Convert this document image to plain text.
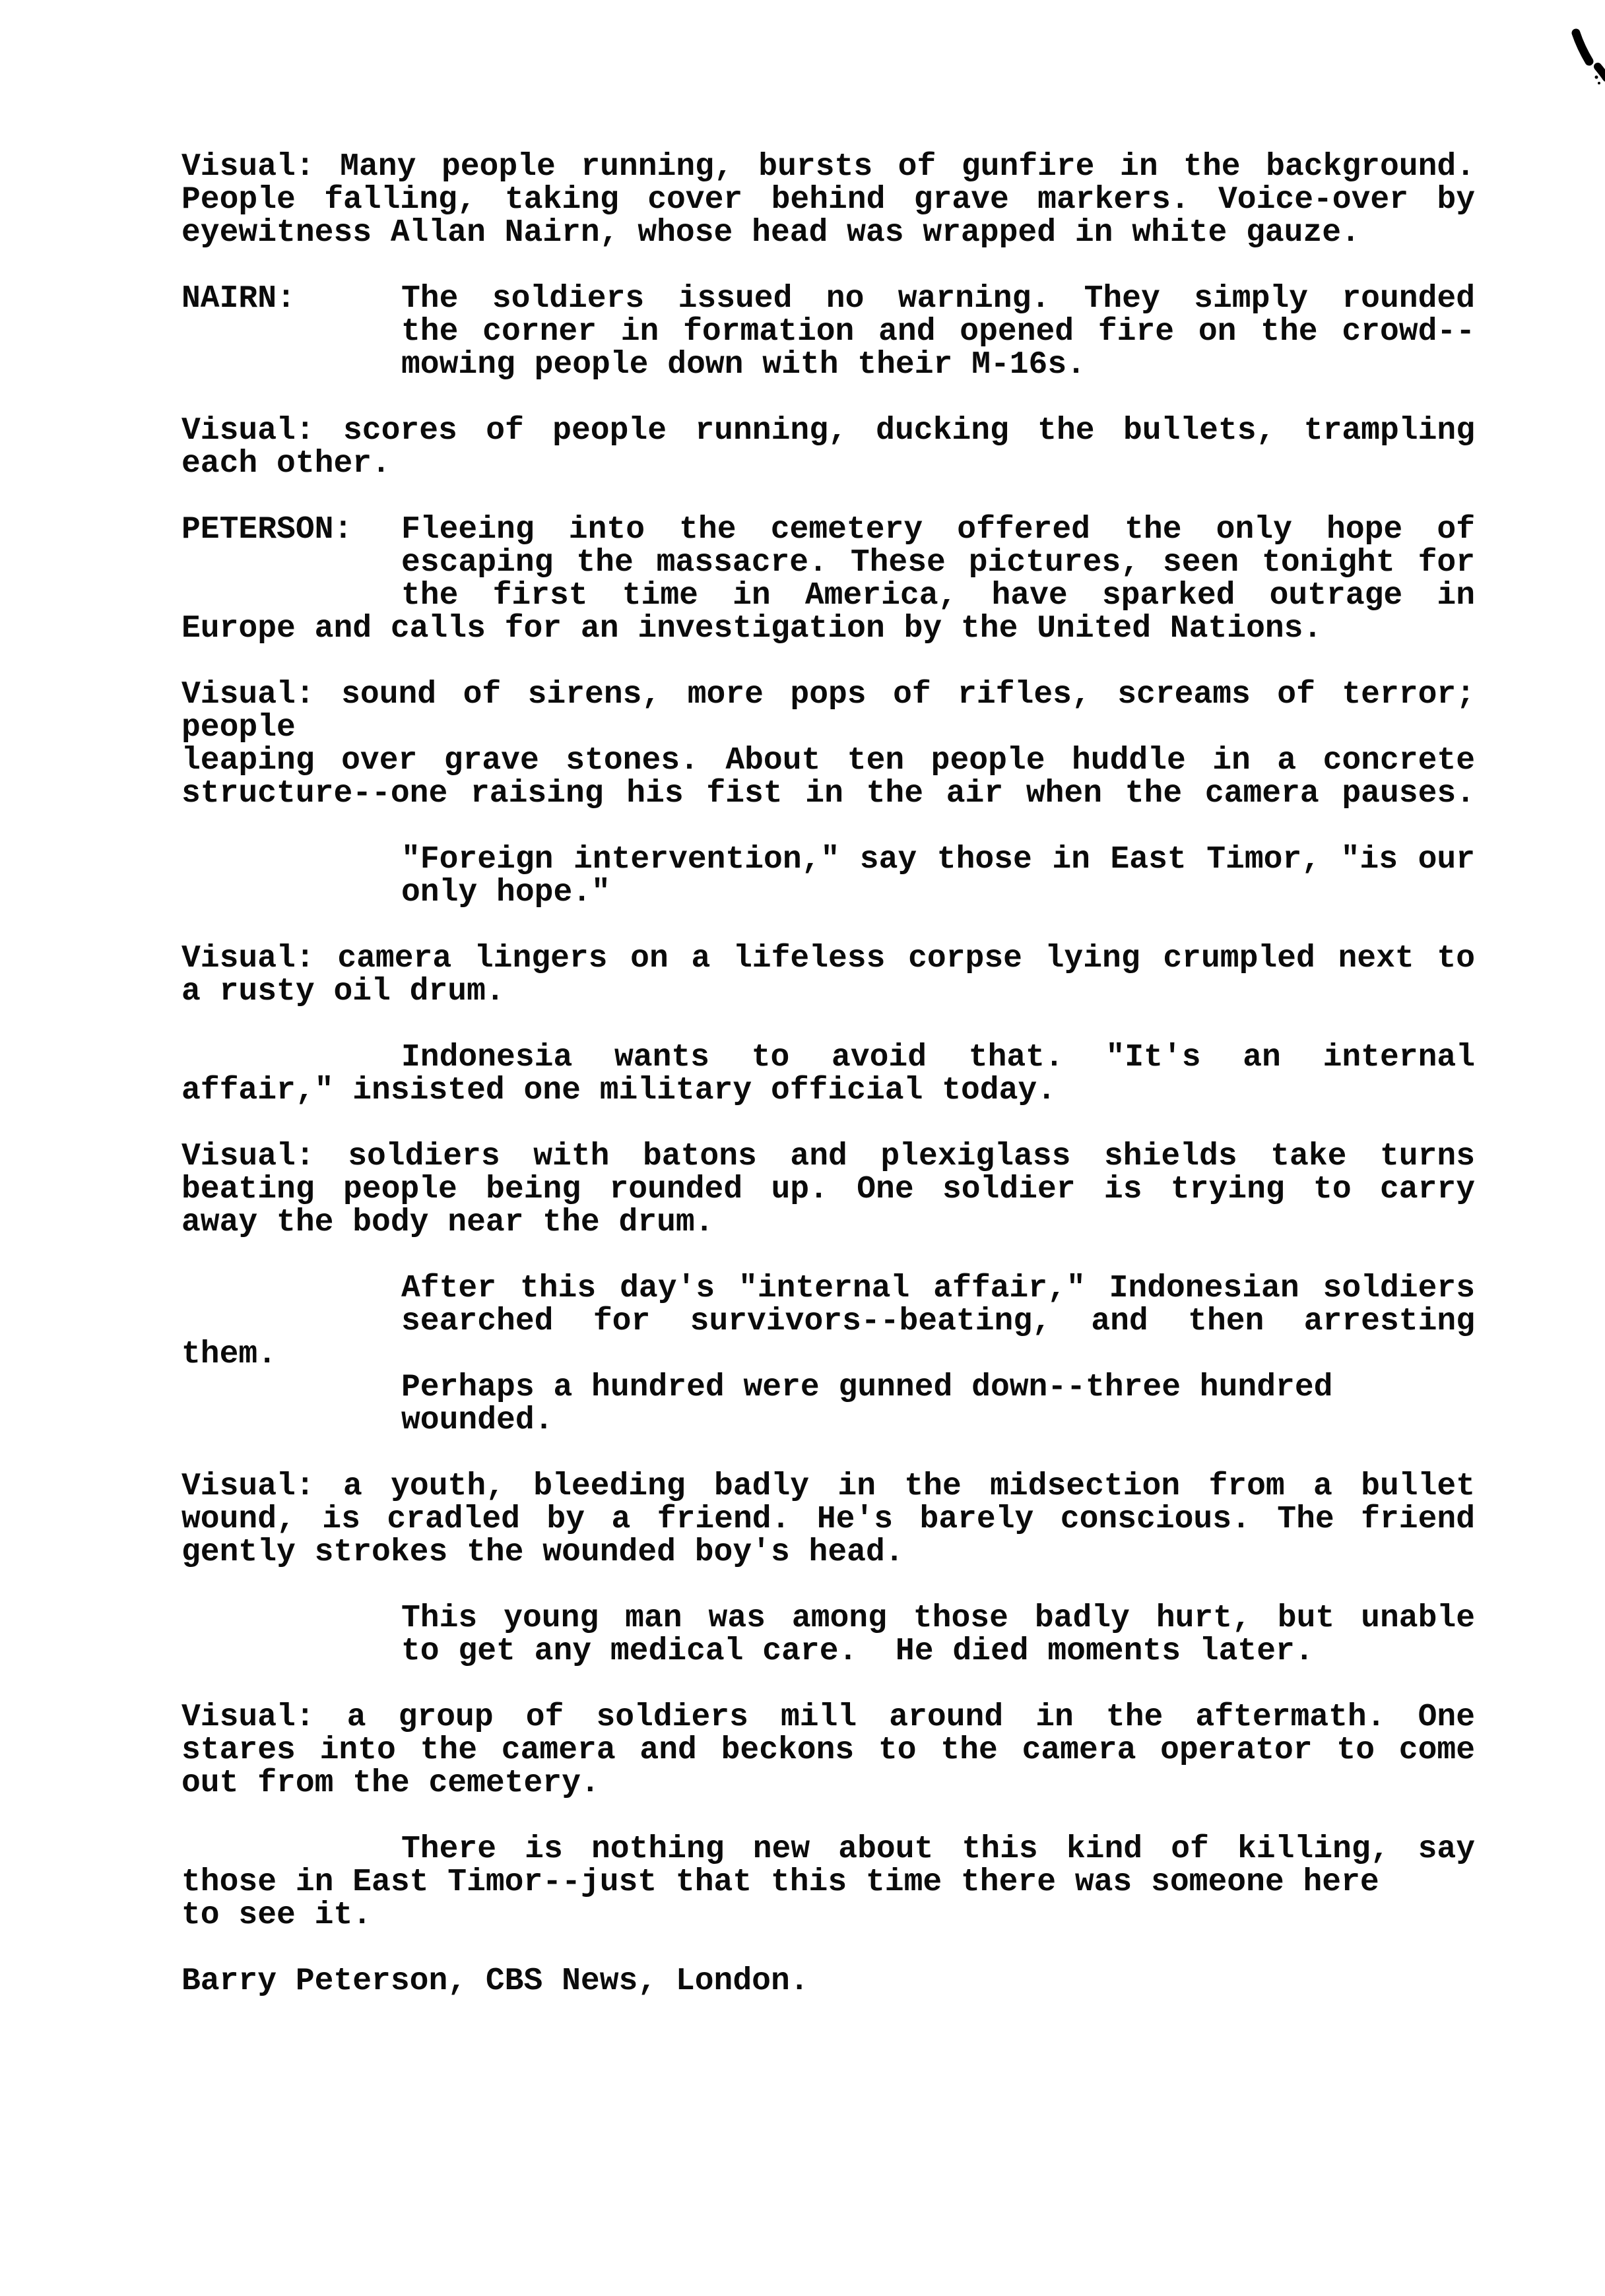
Visual: Many people running, bursts of gunfire in the background.
People falling, taking cover behind grave markers. Voice-over by
eyewitness Allan Nairn, whose head was wrapped in white gauze.
NAIRN:	The soldiers issued no warning. They simply rounded
the corner in formation and opened fire on the crowd--
mowing people down with their M-16s.
Visual: scores of people running, ducking the bullets, trampling
each other.
PETERSON: Fleeing into the cemetery offered the only hope of
escaping the massacre. These pictures, seen tonight for
the first time in America, have sparked outrage in
Europe and calls for an investigation by the United Nations.
Visual: sound of sirens, more pops of rifles, screams of terror;
people
leaping over grave stones. About ten people huddle in a concrete
structure--one raising his fist in the air when the camera pauses.
"Foreign intervention," say those in East Timor, "is our
only hope."
Visual: camera lingers on a lifeless corpse lying crumpled next to
a rusty oil drum.
Indonesia wants to avoid that. "It's an internal
affair," insisted one military official today.
Visual: soldiers with batons and plexiglass shields take turns
beating people being rounded up. One soldier is trying to carry
away the body near the drum.
After this day's "internal affair," Indonesian soldiers
searched for survivors--beating, and then arresting
them.
Perhaps a hundred were gunned down--three hundred
wounded.
Visual: a youth, bleeding badly in the midsection from a bullet
wound, is cradled by a friend. He's barely conscious. The friend
gently strokes the wounded boy's head.
This young man was among those badly hurt, but unable
to get any medical care.  He died moments later.
Visual: a group of soldiers mill around in the aftermath. One
stares into the camera and beckons to the camera operator to come
out from the cemetery.
There is nothing new about this kind of killing, say
those in East Timor--just that this time there was someone here
to see it.
Barry Peterson, CBS News, London.
